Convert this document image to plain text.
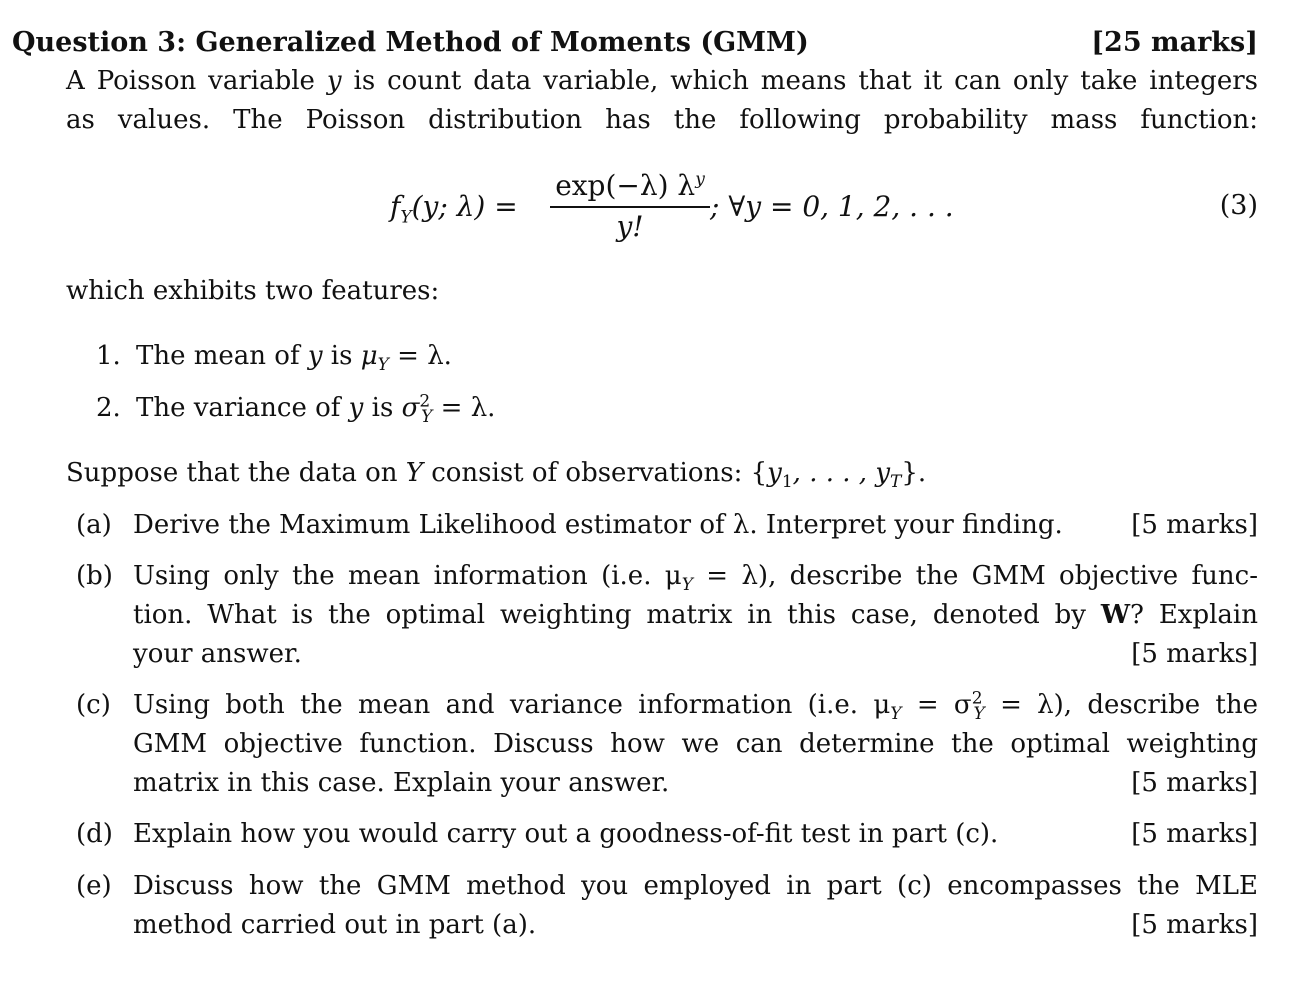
Question 3: Generalized Method of Moments (GMM)	[25 marks]
A Poisson variable y is count data variable, which means that it can only take integers
as values. The Poisson distribution has the following probability mass function:
$f_Y(y$; λ) =
exp(−λ) $\lambda^y$
y!
; ∀y = 0, 1, 2, . . .	(3)
which exhibits two features:
1. The mean of y is $\mu_Y = \lambda$.
2. The variance of y is $\sigma^2_Y = \lambda$.
Suppose that the data on Y consist of observations: {$y_1$, . . . , $y_T$}.
(a) Derive the Maximum Likelihood estimator of λ. Interpret your finding.	[5 marks]
(b) Using only the mean information (i.e. $\mu_Y = \lambda$), describe the GMM objective func-
tion. What is the optimal weighting matrix in this case, denoted by W? Explain
your answer.	[5 marks]
(c) Using both the mean and variance information (i.e. $\mu_Y = \sigma^2_Y = \lambda$), describe the
GMM objective function. Discuss how we can determine the optimal weighting
matrix in this case. Explain your answer.	[5 marks]
(d) Explain how you would carry out a goodness-of-fit test in part (c).	[5 marks]
(e) Discuss how the GMM method you employed in part (c) encompasses the MLE
method carried out in part (a).	[5 marks]
